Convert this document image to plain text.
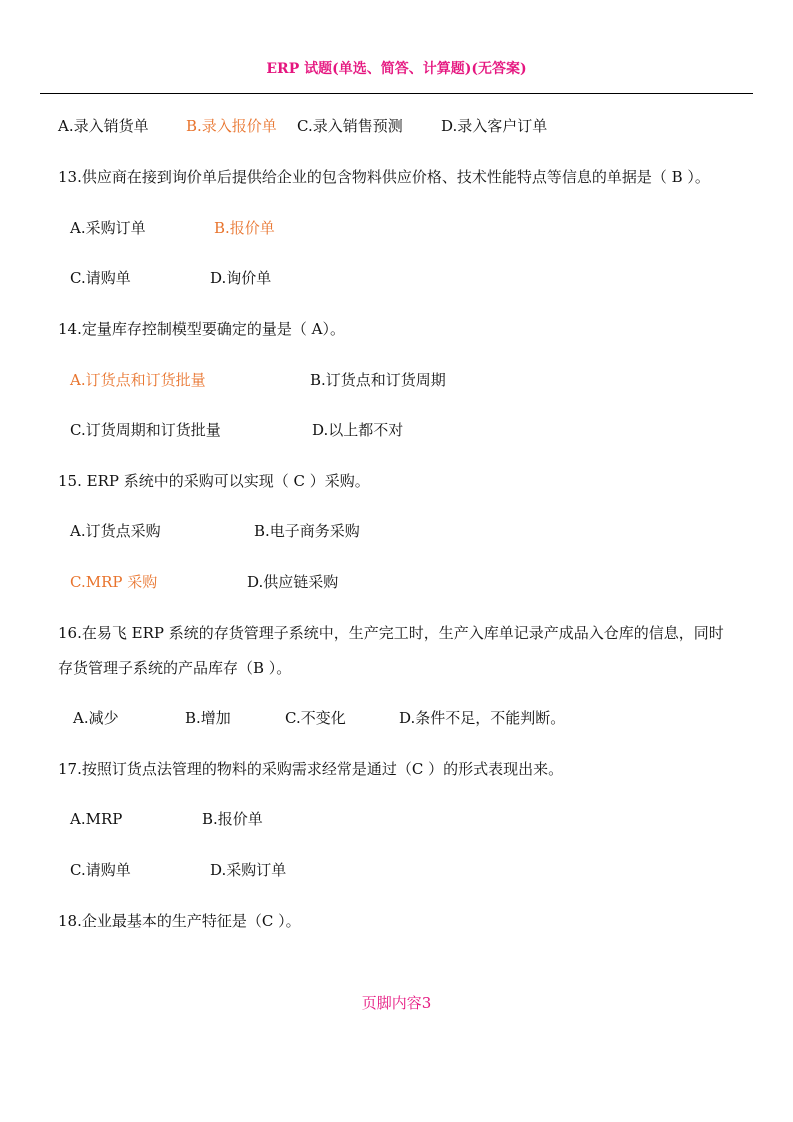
ERP 试题(单选、简答、计算题)(无答案)
A.录入销货单 B.录入报价单 C.录入销售预测	D.录入客户订单
13.供应商在接到询价单后提供给企业的包含物料供应价格、技术性能特点等信息的单据是（ B ）。
A.采购订单	B.报价单
C.请购单	D.询价单
14.定量库存控制模型要确定的量是（ A）。
A.订货点和订货批量	B.订货点和订货周期
C.订货周期和订货批量	D.以上都不对
15. ERP 系统中的采购可以实现（ C ）采购。
A.订货点采购	B.电子商务采购
C.MRP 采购	D.供应链采购
16.在易飞 ERP 系统的存货管理子系统中，生产完工时，生产入库单记录产成品入仓库的信息，同时
存货管理子系统的产品库存（B ）。
A.减少	B.增加	C.不变化	D.条件不足，不能判断。
17.按照订货点法管理的物料的采购需求经常是通过（C ）的形式表现出来。
A.MRP	B.报价单
C.请购单	D.采购订单
18.企业最基本的生产特征是（C ）。
页脚内容3
